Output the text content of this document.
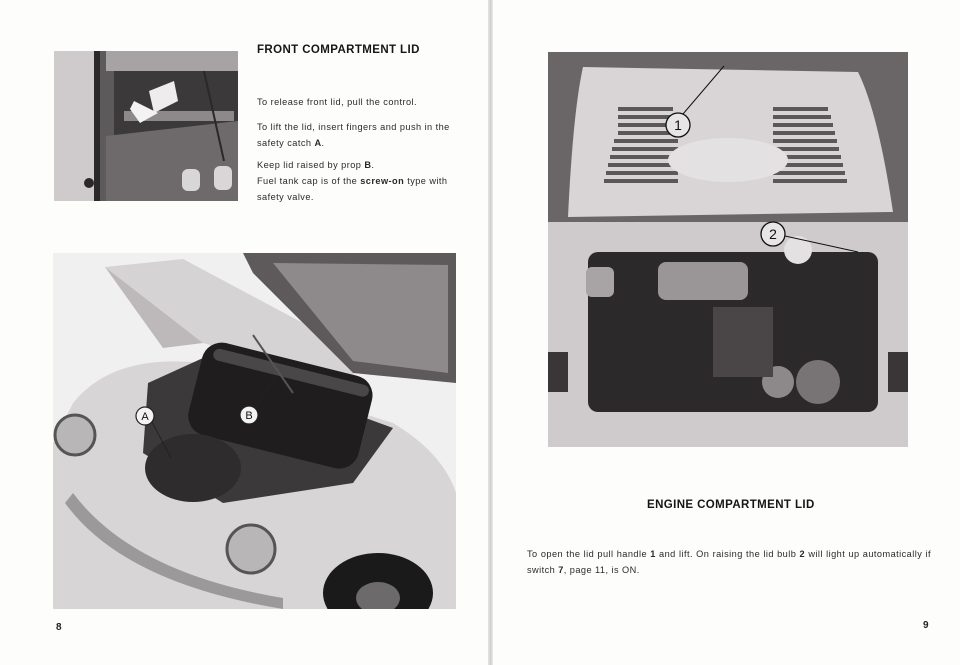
FRONT COMPARTMENT LID

To release front lid, pull the control.

To lift the lid, insert fingers and push in the safety catch A.

Keep lid raised by prop B.

Fuel tank cap is of the screw-on type with safety valve.

A	B
8
1
2
ENGINE COMPARTMENT LID

To open the lid pull handle 1 and lift. On raising the lid bulb 2 will light up automatically if switch 7, page 11, is ON.

9
